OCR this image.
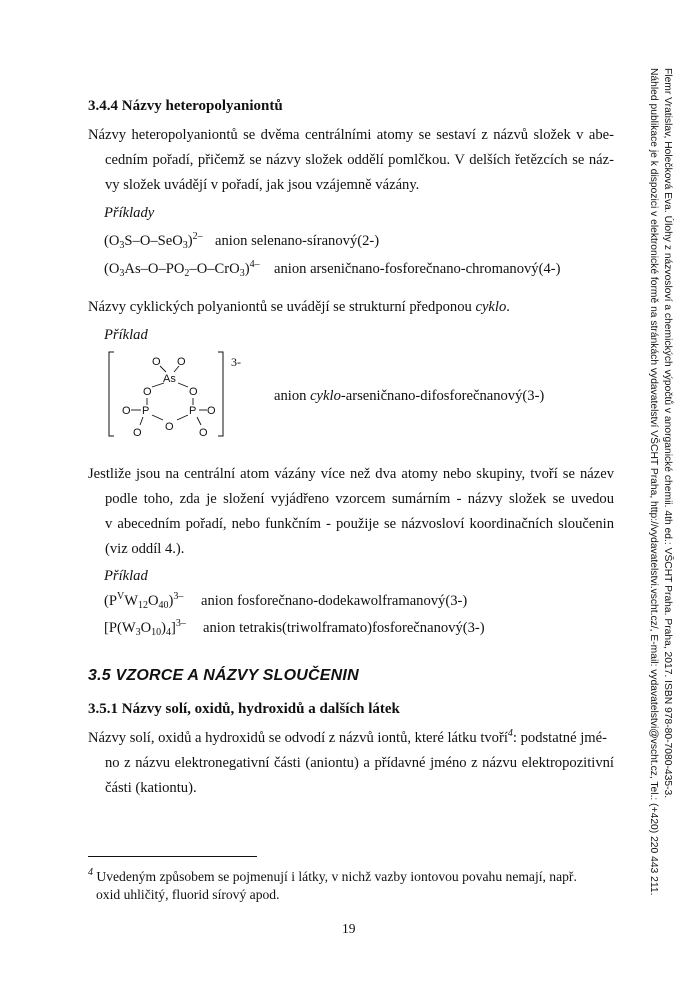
3.4.4 Názvy heteropolyaniontů
Názvy heteropolyaniontů se dvěma centrálními atomy se sestaví z názvů složek v abe-
cedním pořadí, přičemž se názvy složek oddělí pomlčkou. V delších řetězcích se náz-
vy složek uvádějí v pořadí, jak jsou vzájemně vázány.
Příklady
$(O_3S-O-SeO_3)^{2-}$ anion selenano-síranový(2-)
$(O_3As-O-PO_2-O-CrO_3)^{4-}$ anion arseničnano-fosforečnano-chromanový(4-)
Názvy cyklických polyaniontů se uvádějí se strukturní předponou cyklo.
Příklad
O O
As
O	O
O P	P O
O
O	O
3-
anion cyklo-arseničnano-difosforečnanový(3-)
Jestliže jsou na centrální atom vázány více než dva atomy nebo skupiny, tvoří se název
podle toho, zda je složení vyjádřeno vzorcem sumárním - názvy složek se uvedou
v abecedním pořadí, nebo funkčním - použije se názvosloví koordinačních sloučenin
(viz oddíl 4.).
Příklad
$(P^VW_{12}O_{40})^{3-}$ anion fosforečnano-dodekawolframanový(3-)
$[P(W_3O_{10})_4]^{3-}$ anion tetrakis(triwolframato)fosforečnanový(3-)
3.5 VZORCE A NÁZVY SLOUČENIN
3.5.1 Názvy solí, oxidů, hydroxidů a dalších látek
Názvy solí, oxidů a hydroxidů se odvodí z názvů iontů, které látku tvoří$^4$: podstatné jmé-
no z názvu elektronegativní části (aniontu) a přídavné jméno z názvu elektropozitivní
části (kationtu).
$^4$ Uvedeným způsobem se pojmenují i látky, v nichž vazby iontovou povahu nemají, např.
oxid uhličitý, fluorid sírový apod.
19
Flemr Vratislav, Holečková Eva. Úlohy z názvosloví a chemických výpočtů v anorganické chemii. 4th ed.: VŠCHT Praha. Praha, 2017. ISBN 978-80-7080-435-3.
Náhled publikace je k dispozici v elektronické formě na stránkách vydavatelství VŠCHT Praha, http://vydavatelstvi.vscht.cz/, E-mail: vydavatelstvi@vscht.cz, Tel.: (+420) 220 443 211.
